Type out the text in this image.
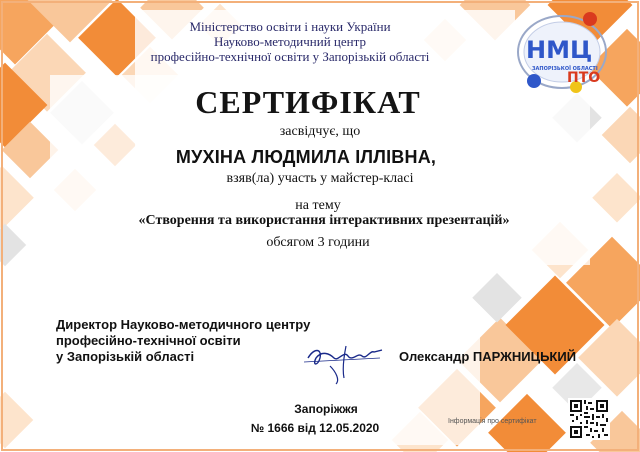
Міністерство освіти і науки України
Науково-методичний центр
професійно-технічної освіти у Запорізькій області	НМЦ
ПТО
ЗАПОРІЗЬКОЇ ОБЛАСТІ
СЕРТИФІКАТ
засвідчує, що
МУХІНА ЛЮДМИЛА ІЛЛІВНА,
взяв(ла) участь у майстер-класі
на тему
«Створення та використання інтерактивних презентацій»
обсягом 3 години
Директор Науково-методичного центру
професійно-технічної освіти
у Запорізькій області	Олександр ПАРЖНИЦЬКИЙ
Запоріжжя
№ 1666 від 12.05.2020	Інформація про сертифікат
